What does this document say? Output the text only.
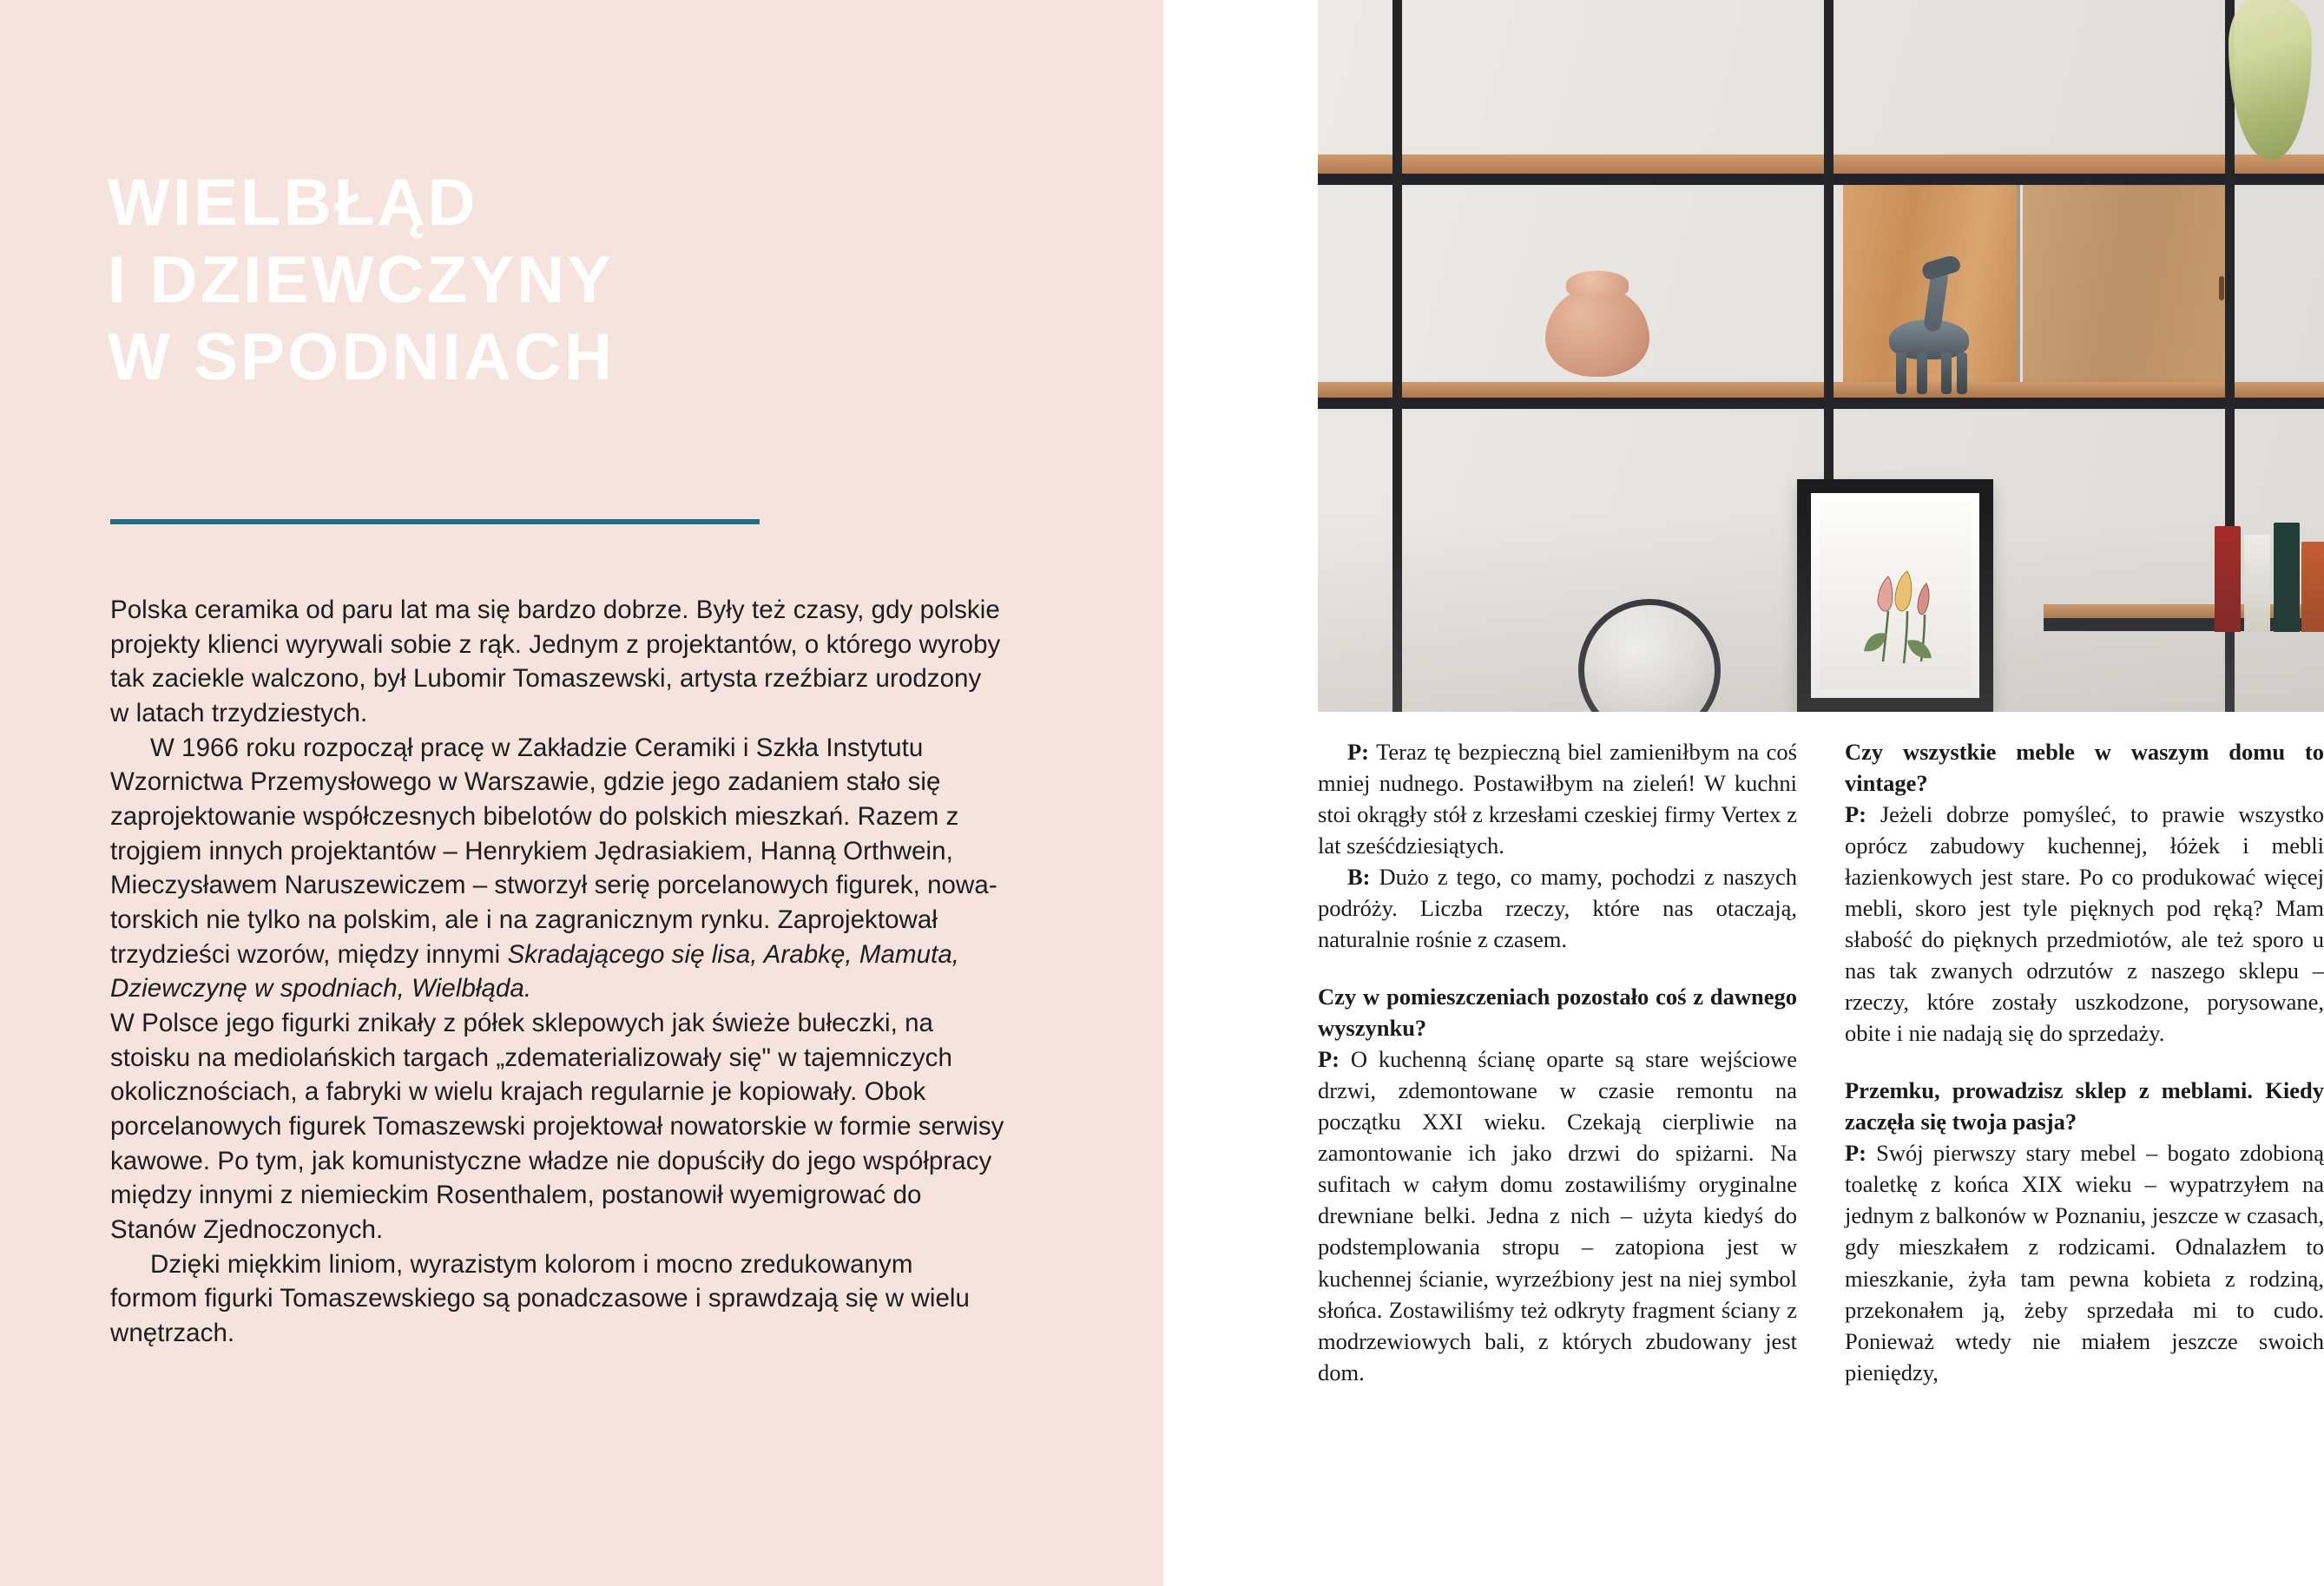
WIELBŁĄD
I DZIEWCZYNY
W SPODNIACH

Polska ceramika od paru lat ma się bardzo dobrze. Były też czasy, gdy polskie projekty klienci wyrywali sobie z rąk. Jednym z projektantów, o którego wyroby tak zaciekle walczono, był Lubomir Tomaszewski, artysta rzeźbiarz urodzony w latach trzydziestych.

W 1966 roku rozpoczął pracę w Zakładzie Ceramiki i Szkła Instytutu Wzornictwa Przemysłowego w Warszawie, gdzie jego zadaniem stało się zaprojektowanie współczesnych bibelotów do polskich mieszkań. Razem z trojgiem innych projektantów – Henrykiem Jędrasiakiem, Hanną Orthwein, Mieczysławem Naruszewiczem – stworzył serię porcelanowych figurek, nowatorskich nie tylko na polskim, ale i na zagranicznym rynku. Zaprojektował trzydzieści wzorów, między innymi Skradającego się lisa, Arabkę, Mamuta, Dziewczynę w spodniach, Wielbłąda.

W Polsce jego figurki znikały z półek sklepowych jak świeże bułeczki, na stoisku na mediolańskich targach „zdematerializowały się" w tajemniczych okolicznościach, a fabryki w wielu krajach regularnie je kopiowały. Obok porcelanowych figurek Tomaszewski projektował nowatorskie w formie serwisy kawowe. Po tym, jak komunistyczne władze nie dopuściły do jego współpracy między innymi z niemieckim Rosenthalem, postanowił wyemigrować do Stanów Zjednoczonych.

Dzięki miękkim liniom, wyrazistym kolorom i mocno zredukowanym formom figurki Tomaszewskiego są ponadczasowe i sprawdzają się w wielu wnętrzach.

P: Teraz tę bezpieczną biel zamieniłbym na coś mniej nudnego. Postawiłbym na zieleń! W kuchni stoi okrągły stół z krzesłami czeskiej firmy Vertex z lat sześćdziesiątych.

B: Dużo z tego, co mamy, pochodzi z naszych podróży. Liczba rzeczy, które nas otaczają, naturalnie rośnie z czasem.

Czy w pomieszczeniach pozostało coś z dawnego wyszynku?

P: O kuchenną ścianę oparte są stare wejściowe drzwi, zdemontowane w czasie remontu na początku XXI wieku. Czekają cierpliwie na zamontowanie ich jako drzwi do spiżarni. Na sufitach w całym domu zostawiliśmy oryginalne drewniane belki. Jedna z nich – użyta kiedyś do podstemplowania stropu – zatopiona jest w kuchennej ścianie, wyrzeźbiony jest na niej symbol słońca. Zostawiliśmy też odkryty fragment ściany z modrzewiowych bali, z których zbudowany jest dom.

Czy wszystkie meble w waszym domu to vintage?

P: Jeżeli dobrze pomyśleć, to prawie wszystko oprócz zabudowy kuchennej, łóżek i mebli łazienkowych jest stare. Po co produkować więcej mebli, skoro jest tyle pięknych pod ręką? Mam słabość do pięknych przedmiotów, ale też sporo u nas tak zwanych odrzutów z naszego sklepu – rzeczy, które zostały uszkodzone, porysowane, obite i nie nadają się do sprzedaży.

Przemku, prowadzisz sklep z meblami. Kiedy zaczęła się twoja pasja?

P: Swój pierwszy stary mebel – bogato zdobioną toaletkę z końca XIX wieku – wypatrzyłem na jednym z balkonów w Poznaniu, jeszcze w czasach, gdy mieszkałem z rodzicami. Odnalazłem to mieszkanie, żyła tam pewna kobieta z rodziną, przekonałem ją, żeby sprzedała mi to cudo. Ponieważ wtedy nie miałem jeszcze swoich pieniędzy,
